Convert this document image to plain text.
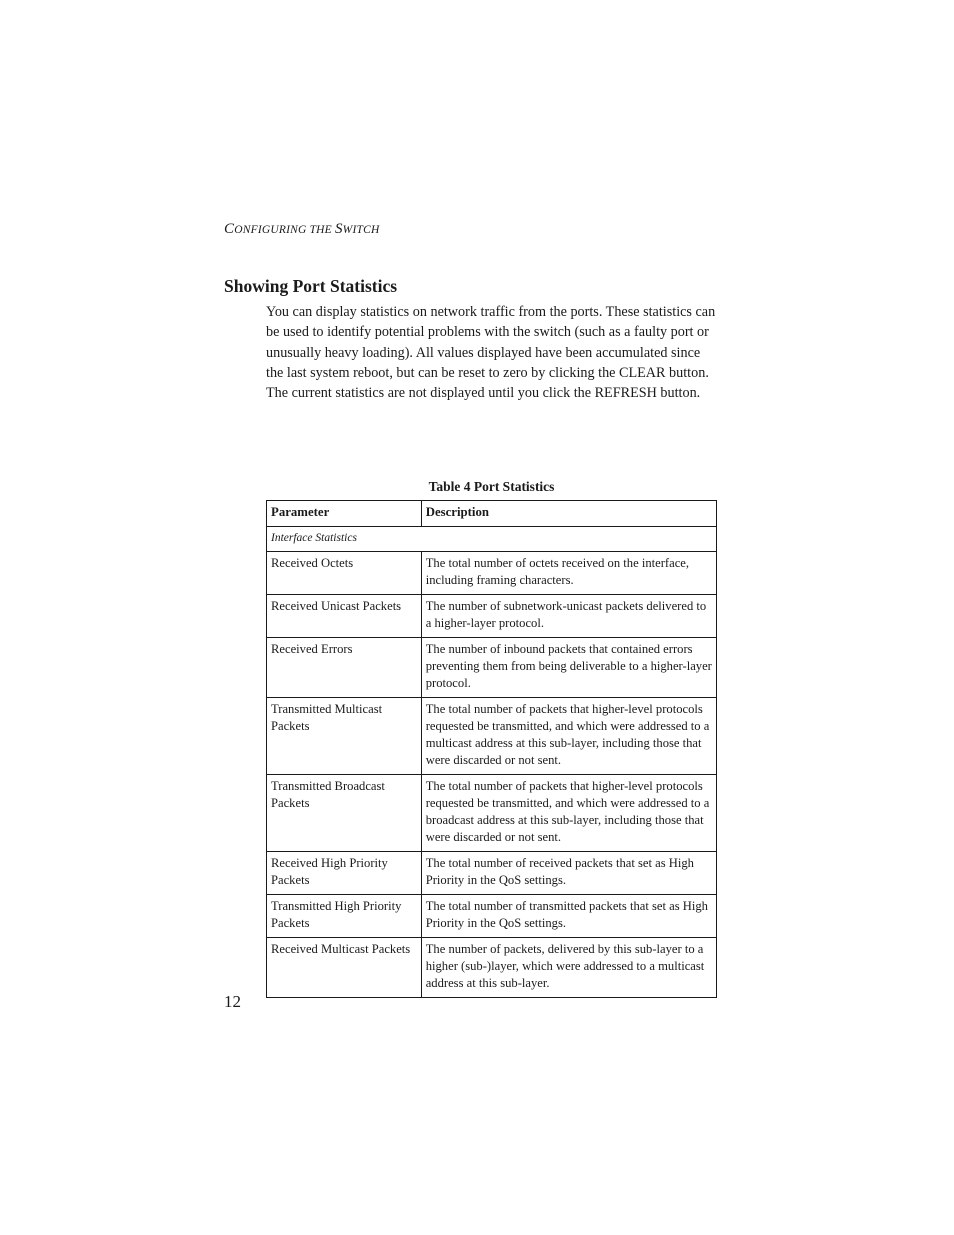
CONFIGURING THE SWITCH
Showing Port Statistics

You can display statistics on network traffic from the ports. These statistics can be used to identify potential problems with the switch (such as a faulty port or unusually heavy loading). All values displayed have been accumulated since the last system reboot, but can be reset to zero by clicking the CLEAR button. The current statistics are not displayed until you click the REFRESH button.

Table 4 Port Statistics
Parameter	Description
Interface Statistics	
Received Octets	The total number of octets received on the interface, including framing characters.
Received Unicast Packets	The number of subnetwork-unicast packets delivered to a higher-layer protocol.
Received Errors	The number of inbound packets that contained errors preventing them from being deliverable to a higher-layer protocol.
Transmitted Multicast Packets	The total number of packets that higher-level protocols requested be transmitted, and which were addressed to a multicast address at this sub-layer, including those that were discarded or not sent.
Transmitted Broadcast Packets	The total number of packets that higher-level protocols requested be transmitted, and which were addressed to a broadcast address at this sub-layer, including those that were discarded or not sent.
Received High Priority Packets	The total number of received packets that set as High Priority in the QoS settings.
Transmitted High Priority Packets	The total number of transmitted packets that set as High Priority in the QoS settings.
Received Multicast Packets	The number of packets, delivered by this sub-layer to a higher (sub-)layer, which were addressed to a multicast address at this sub-layer.
12
